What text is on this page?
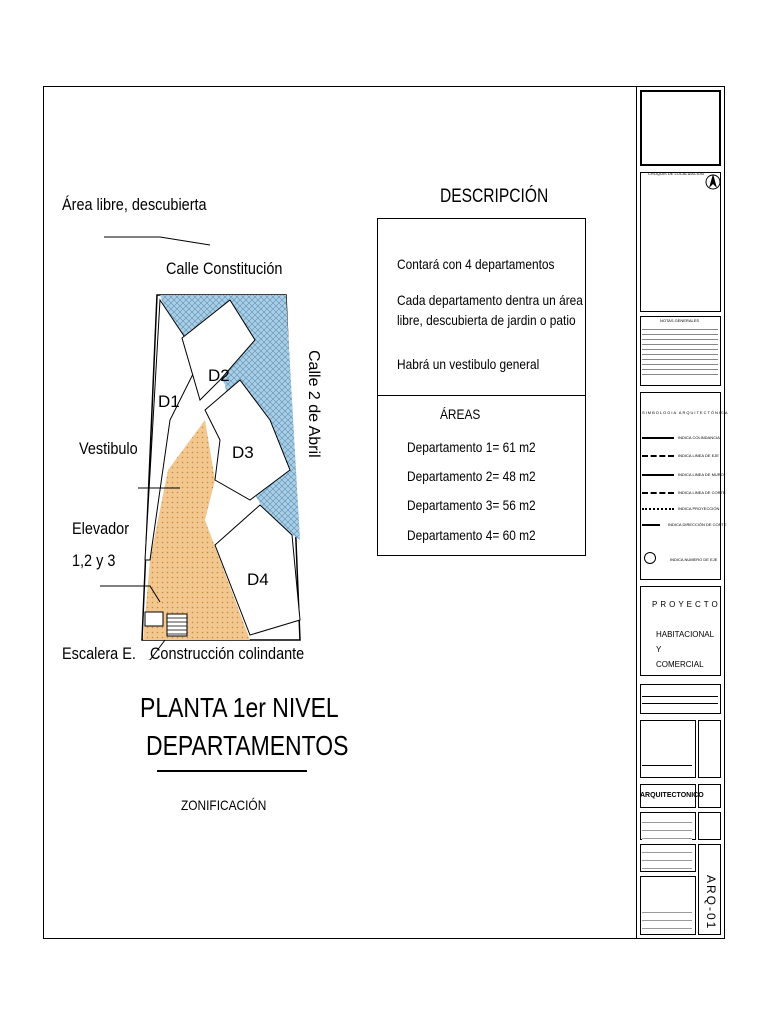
Área libre, descubierta
Calle Constitución
Calle 2 de Abril
Vestibulo
Elevador
1,2 y 3
Escalera E. Construcción colindante
D1
D2
D3
D4
PLANTA 1er NIVEL
DEPARTAMENTOS
ZONIFICACIÓN
DESCRIPCIÓN
Contará con 4 departamentos
Cada departamento dentra un área
libre, descubierta de jardin o patio
Habrá un vestibulo general
ÁREAS
Departamento 1= 61 m2
Departamento 2= 48 m2
Departamento 3= 56 m2
Departamento 4= 60 m2
CROQUIS DE LOCALIZACIÓN
NOTAS GENERALES
SIMBOLOGIA ARQUITECTÓNICA
INDICA COLINDANCIA
INDICA LINEA DE EJE
INDICA LINEA DE MURO
INDICA LINEA DE CORTE
INDICA PROYECCIÓN
INDICA DIRECCIÓN DE CORTE
INDICA NUMERO DE EJE
PROYECTO
HABITACIONAL
Y
COMERCIAL
ARQUITECTONICO
ARQ-01
